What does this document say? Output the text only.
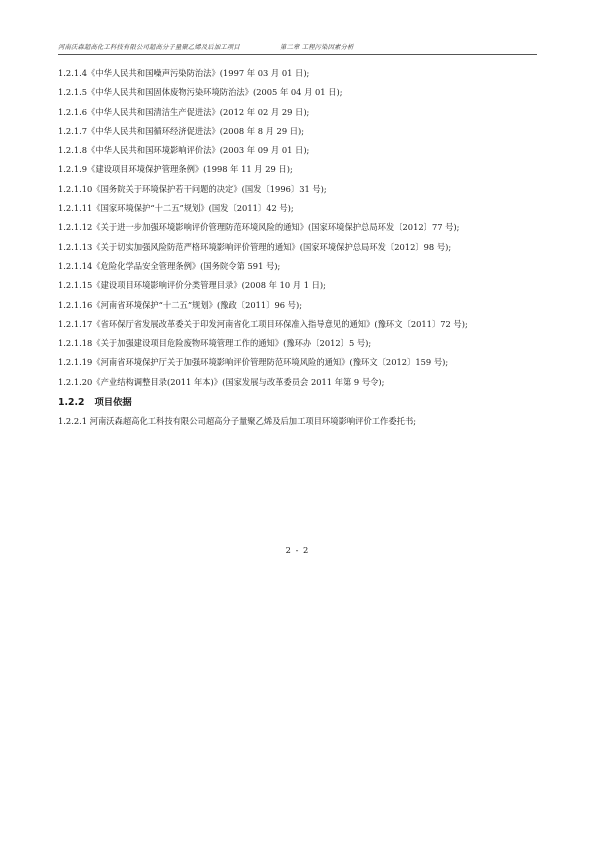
河南沃森超高化工科技有限公司超高分子量聚乙烯及后加工项目	第二章 工程污染因素分析

1.2.1.4《中华人民共和国噪声污染防治法》(1997 年 03 月 01 日);

1.2.1.5《中华人民共和国固体废物污染环境防治法》(2005 年 04 月 01 日);

1.2.1.6《中华人民共和国清洁生产促进法》(2012 年 02 月 29 日);

1.2.1.7《中华人民共和国循环经济促进法》(2008 年 8 月 29 日);

1.2.1.8《中华人民共和国环境影响评价法》(2003 年 09 月 01 日);

1.2.1.9《建设项目环境保护管理条例》(1998 年 11 月 29 日);

1.2.1.10《国务院关于环境保护若干问题的决定》(国发〔1996〕31 号);

1.2.1.11《国家环境保护“十二五”规划》(国发〔2011〕42 号);

1.2.1.12《关于进一步加强环境影响评价管理防范环境风险的通知》(国家环境保护总局环发〔2012〕77 号);

1.2.1.13《关于切实加强风险防范严格环境影响评价管理的通知》(国家环境保护总局环发〔2012〕98 号);

1.2.1.14《危险化学品安全管理条例》(国务院令第 591 号);

1.2.1.15《建设项目环境影响评价分类管理目录》(2008 年 10 月 1 日);

1.2.1.16《河南省环境保护“十二五”规划》(豫政〔2011〕96 号);

1.2.1.17《省环保厅省发展改革委关于印发河南省化工项目环保准入指导意见的通知》(豫环文〔2011〕72 号);

1.2.1.18《关于加强建设项目危险废物环境管理工作的通知》(豫环办〔2012〕5 号);

1.2.1.19《河南省环境保护厅关于加强环境影响评价管理防范环境风险的通知》(豫环文〔2012〕159 号);

1.2.1.20《产业结构调整目录(2011 年本)》(国家发展与改革委员会 2011 年第 9 号令);

1.2.2 项目依据

1.2.2.1 河南沃森超高化工科技有限公司超高分子量聚乙烯及后加工项目环境影响评价工作委托书;

2 - 2
